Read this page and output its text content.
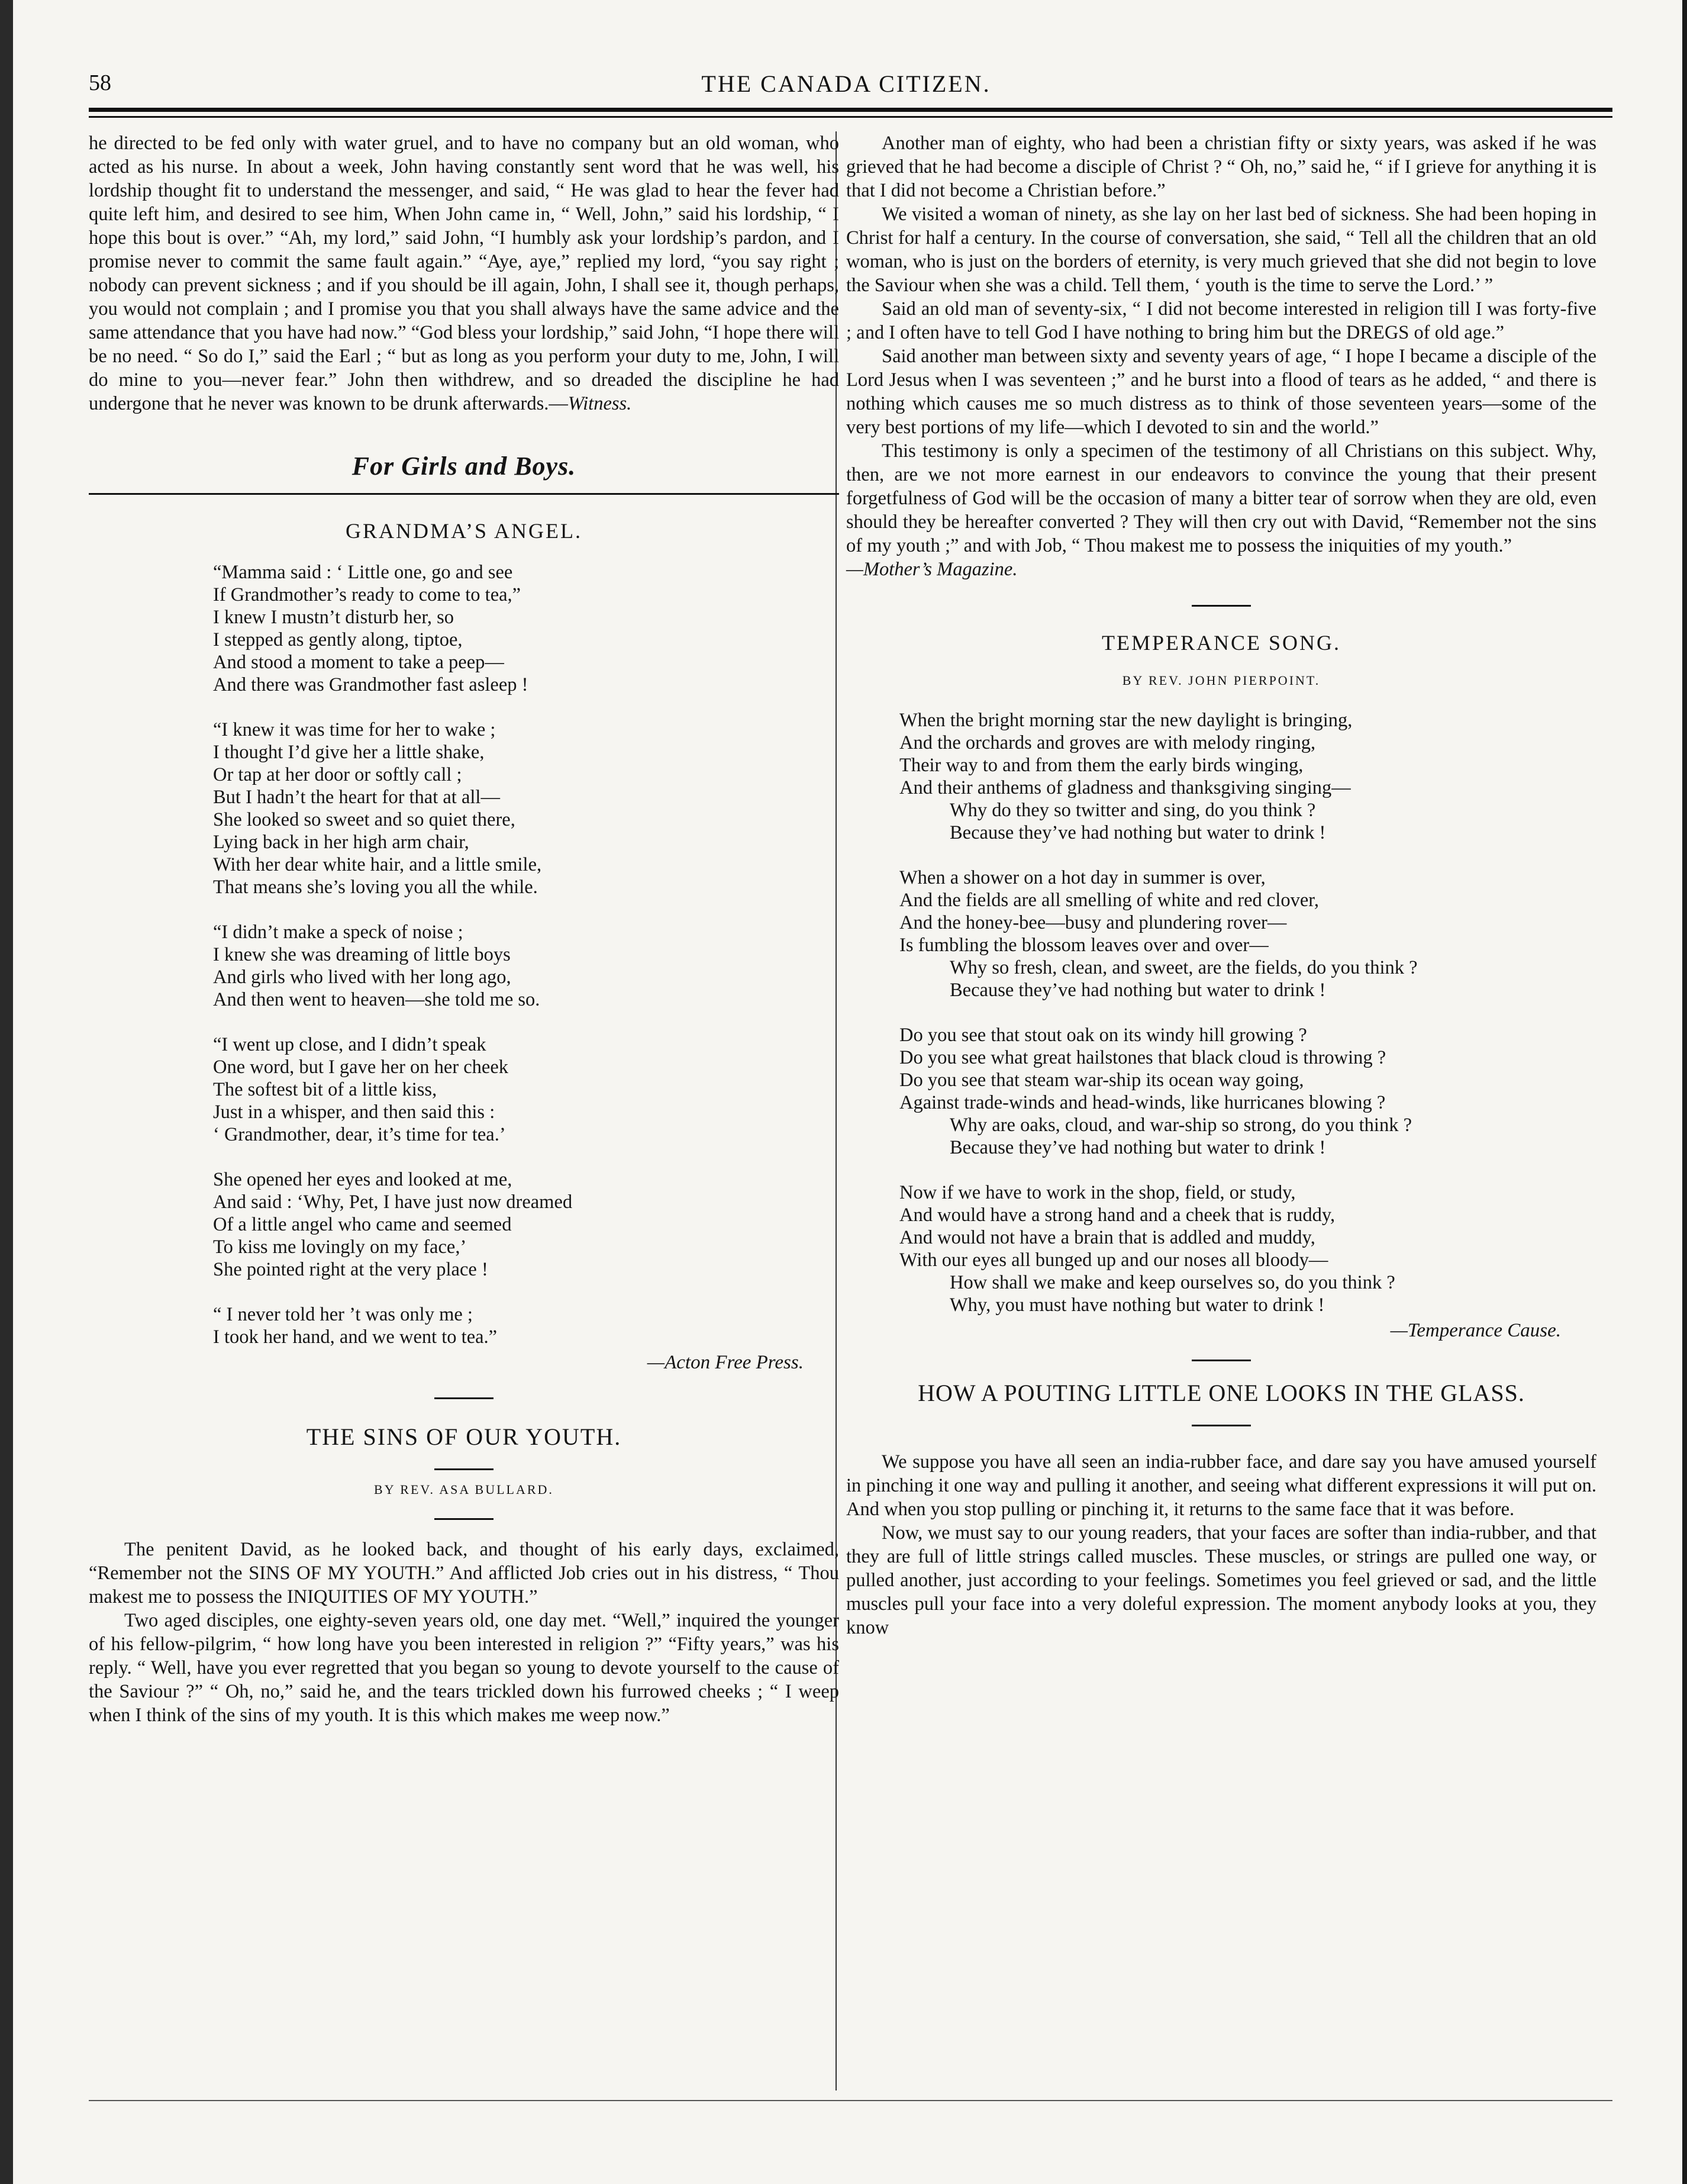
58	THE CANADA CITIZEN.

he directed to be fed only with water gruel, and to have no company but an old woman, who acted as his nurse. In about a week, John having constantly sent word that he was well, his lordship thought fit to understand the messenger, and said, “ He was glad to hear the fever had quite left him, and desired to see him, When John came in, “ Well, John,” said his lordship, “ I hope this bout is over.” “Ah, my lord,” said John, “I humbly ask your lordship’s pardon, and I promise never to commit the same fault again.” “Aye, aye,” replied my lord, “you say right ; nobody can prevent sickness ; and if you should be ill again, John, I shall see it, though perhaps, you would not complain ; and I promise you that you shall always have the same advice and the same attendance that you have had now.” “God bless your lordship,” said John, “I hope there will be no need. “ So do I,” said the Earl ; “ but as long as you perform your duty to me, John, I will do mine to you—never fear.” John then withdrew, and so dreaded the discipline he had undergone that he never was known to be drunk afterwards.—Witness.

For Girls and Boys.
GRANDMA’S ANGEL.
“Mamma said : ‘ Little one, go and see
If Grandmother’s ready to come to tea,”
I knew I mustn’t disturb her, so
I stepped as gently along, tiptoe,
And stood a moment to take a peep—
And there was Grandmother fast asleep !
“I knew it was time for her to wake ;
I thought I’d give her a little shake,
Or tap at her door or softly call ;
But I hadn’t the heart for that at all—
She looked so sweet and so quiet there,
Lying back in her high arm chair,
With her dear white hair, and a little smile,
That means she’s loving you all the while.
“I didn’t make a speck of noise ;
I knew she was dreaming of little boys
And girls who lived with her long ago,
And then went to heaven—she told me so.
“I went up close, and I didn’t speak
One word, but I gave her on her cheek
The softest bit of a little kiss,
Just in a whisper, and then said this :
‘ Grandmother, dear, it’s time for tea.’
She opened her eyes and looked at me,
And said : ‘Why, Pet, I have just now dreamed
Of a little angel who came and seemed
To kiss me lovingly on my face,’
She pointed right at the very place !
“ I never told her ’t was only me ;
I took her hand, and we went to tea.”
—Acton Free Press.
THE SINS OF OUR YOUTH.
BY REV. ASA BULLARD.

The penitent David, as he looked back, and thought of his early days, exclaimed, “Remember not the SINS OF MY YOUTH.” And afflicted Job cries out in his distress, “ Thou makest me to possess the INIQUITIES OF MY YOUTH.”

Two aged disciples, one eighty-seven years old, one day met. “Well,” inquired the younger of his fellow-pilgrim, “ how long have you been interested in religion ?” “Fifty years,” was his reply. “ Well, have you ever regretted that you began so young to devote yourself to the cause of the Saviour ?” “ Oh, no,” said he, and the tears trickled down his furrowed cheeks ; “ I weep when I think of the sins of my youth. It is this which makes me weep now.”

Another man of eighty, who had been a christian fifty or sixty years, was asked if he was grieved that he had become a disciple of Christ ? “ Oh, no,” said he, “ if I grieve for anything it is that I did not become a Christian before.”

We visited a woman of ninety, as she lay on her last bed of sickness. She had been hoping in Christ for half a century. In the course of conversation, she said, “ Tell all the children that an old woman, who is just on the borders of eternity, is very much grieved that she did not begin to love the Saviour when she was a child. Tell them, ‘ youth is the time to serve the Lord.’ ”

Said an old man of seventy-six, “ I did not become interested in religion till I was forty-five ; and I often have to tell God I have nothing to bring him but the DREGS of old age.”

Said another man between sixty and seventy years of age, “ I hope I became a disciple of the Lord Jesus when I was seventeen ;” and he burst into a flood of tears as he added, “ and there is nothing which causes me so much distress as to think of those seventeen years—some of the very best portions of my life—which I devoted to sin and the world.”

This testimony is only a specimen of the testimony of all Christians on this subject. Why, then, are we not more earnest in our endeavors to convince the young that their present forgetfulness of God will be the occasion of many a bitter tear of sorrow when they are old, even should they be hereafter converted ? They will then cry out with David, “Remember not the sins of my youth ;” and with Job, “ Thou makest me to possess the iniquities of my youth.”

—Mother’s Magazine.

TEMPERANCE SONG.
BY REV. JOHN PIERPOINT.
When the bright morning star the new daylight is bringing,
And the orchards and groves are with melody ringing,
Their way to and from them the early birds winging,
And their anthems of gladness and thanksgiving singing—
Why do they so twitter and sing, do you think ?
Because they’ve had nothing but water to drink !
When a shower on a hot day in summer is over,
And the fields are all smelling of white and red clover,
And the honey-bee—busy and plundering rover—
Is fumbling the blossom leaves over and over—
Why so fresh, clean, and sweet, are the fields, do you think ?
Because they’ve had nothing but water to drink !
Do you see that stout oak on its windy hill growing ?
Do you see what great hailstones that black cloud is throwing ?
Do you see that steam war-ship its ocean way going,
Against trade-winds and head-winds, like hurricanes blowing ?
Why are oaks, cloud, and war-ship so strong, do you think ?
Because they’ve had nothing but water to drink !
Now if we have to work in the shop, field, or study,
And would have a strong hand and a cheek that is ruddy,
And would not have a brain that is addled and muddy,
With our eyes all bunged up and our noses all bloody—
How shall we make and keep ourselves so, do you think ?
Why, you must have nothing but water to drink !
—Temperance Cause.
HOW A POUTING LITTLE ONE LOOKS IN THE GLASS.

We suppose you have all seen an india-rubber face, and dare say you have amused yourself in pinching it one way and pulling it another, and seeing what different expressions it will put on. And when you stop pulling or pinching it, it returns to the same face that it was before.

Now, we must say to our young readers, that your faces are softer than india-rubber, and that they are full of little strings called muscles. These muscles, or strings are pulled one way, or pulled another, just according to your feelings. Sometimes you feel grieved or sad, and the little muscles pull your face into a very doleful expression. The moment anybody looks at you, they know
